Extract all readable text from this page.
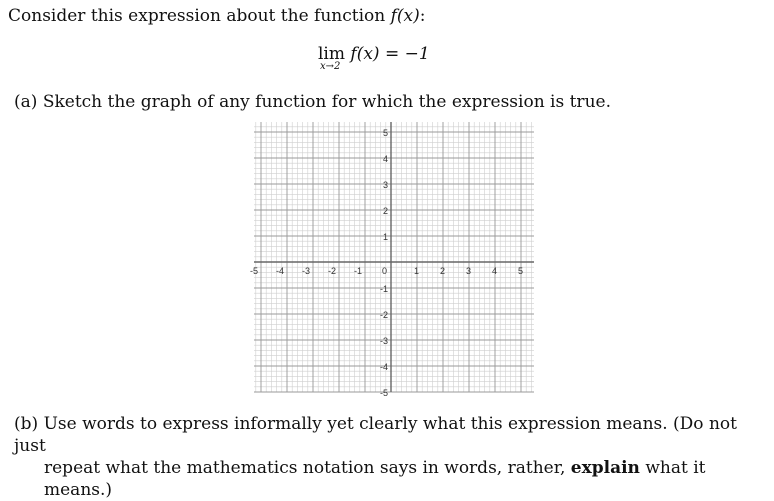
Consider this expression about the function f(x):
lim
x→2
f(x) = −1
(a) Sketch the graph of any function for which the expression is true.
-5 -4 -3 -2 -1 0	1 2 3 4 5
5
4
3
2
1
-1
-2
-3
-4
-5
(b) Use words to express informally yet clearly what this expression means. (Do not just
repeat what the mathematics notation says in words, rather, explain what it means.)
